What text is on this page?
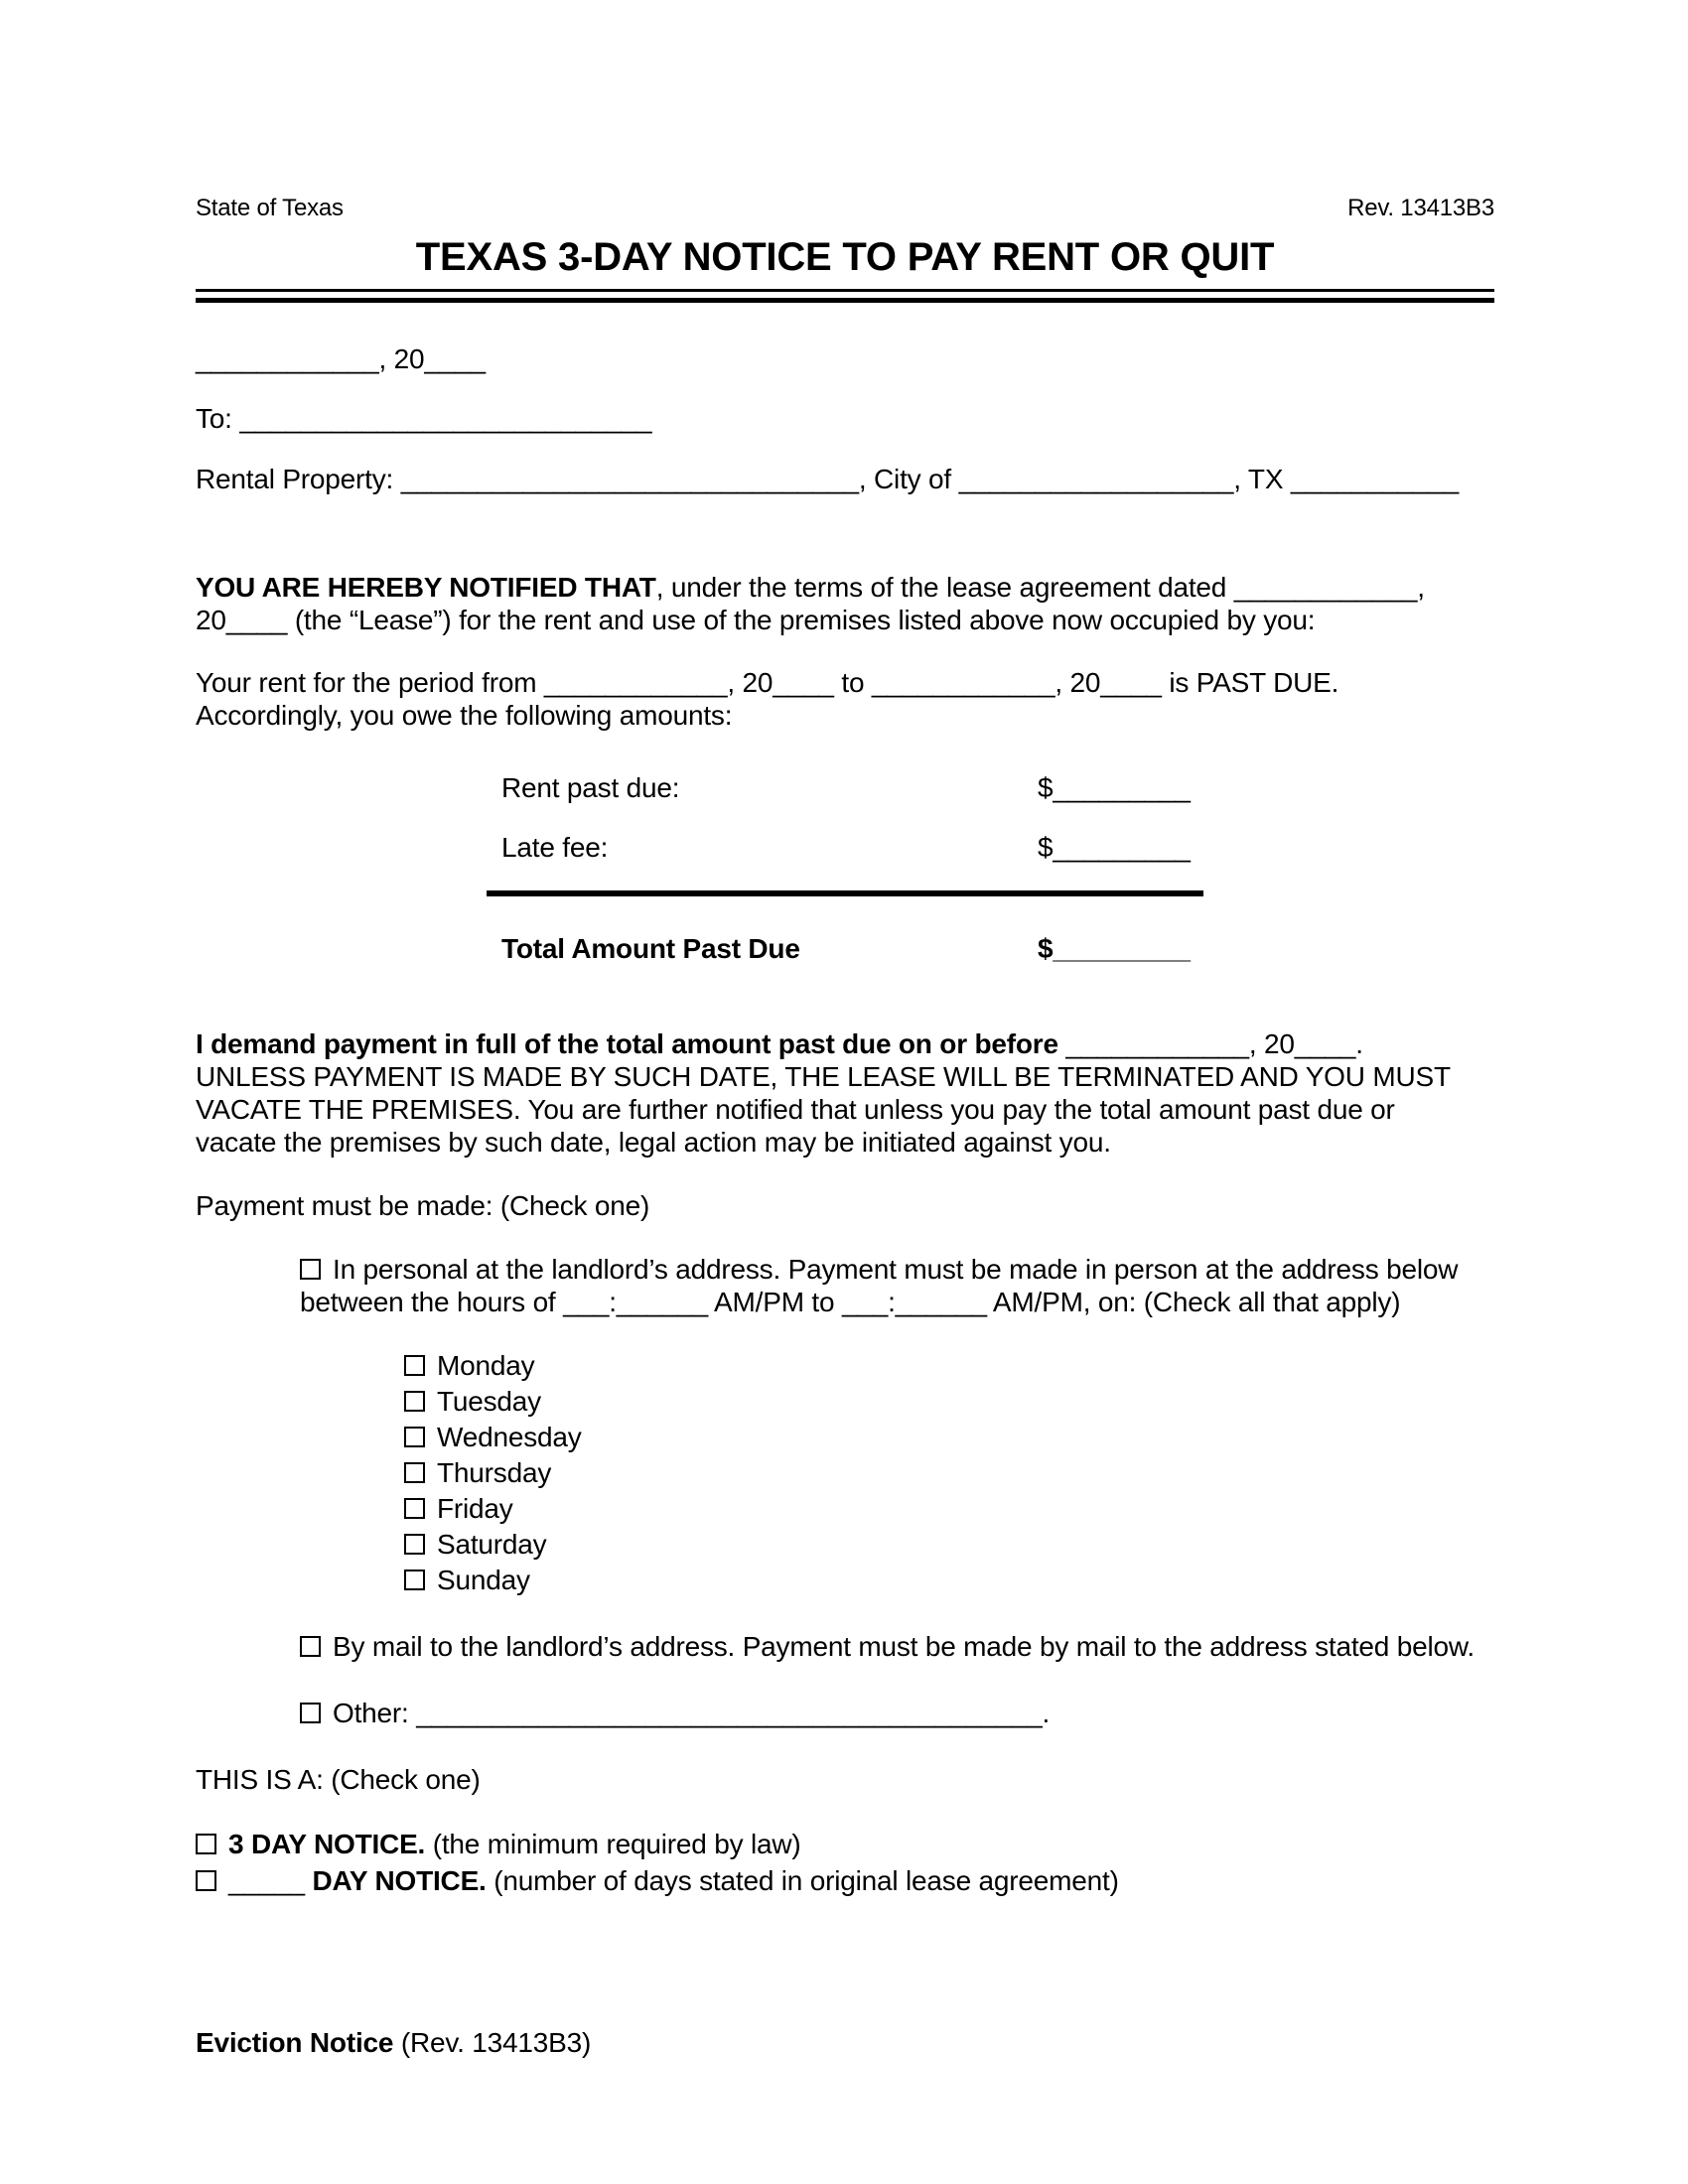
State of Texas	Rev. 13413B3
TEXAS 3-DAY NOTICE TO PAY RENT OR QUIT

____________, 20____

To: ___________________________

Rental Property: ______________________________, City of __________________, TX ___________

YOU ARE HEREBY NOTIFIED THAT, under the terms of the lease agreement dated ____________, 20____ (the “Lease”) for the rent and use of the premises listed above now occupied by you:

Your rent for the period from ____________, 20____ to ____________, 20____ is PAST DUE.
Accordingly, you owe the following amounts:

Rent past due:	$_________
Late fee:	$_________
Total Amount Past Due	$_________

I demand payment in full of the total amount past due on or before ____________, 20____. UNLESS PAYMENT IS MADE BY SUCH DATE, THE LEASE WILL BE TERMINATED AND YOU MUST VACATE THE PREMISES. You are further notified that unless you pay the total amount past due or vacate the premises by such date, legal action may be initiated against you.

Payment must be made: (Check one)

In personal at the landlord’s address. Payment must be made in person at the address below between the hours of ___:______ AM/PM to ___:______ AM/PM, on: (Check all that apply)

Monday
Tuesday
Wednesday
Thursday
Friday
Saturday
Sunday

By mail to the landlord’s address. Payment must be made by mail to the address stated below.

Other: _________________________________________.

THIS IS A: (Check one)

3 DAY NOTICE. (the minimum required by law)
_____ DAY NOTICE. (number of days stated in original lease agreement)

Eviction Notice (Rev. 13413B3)
